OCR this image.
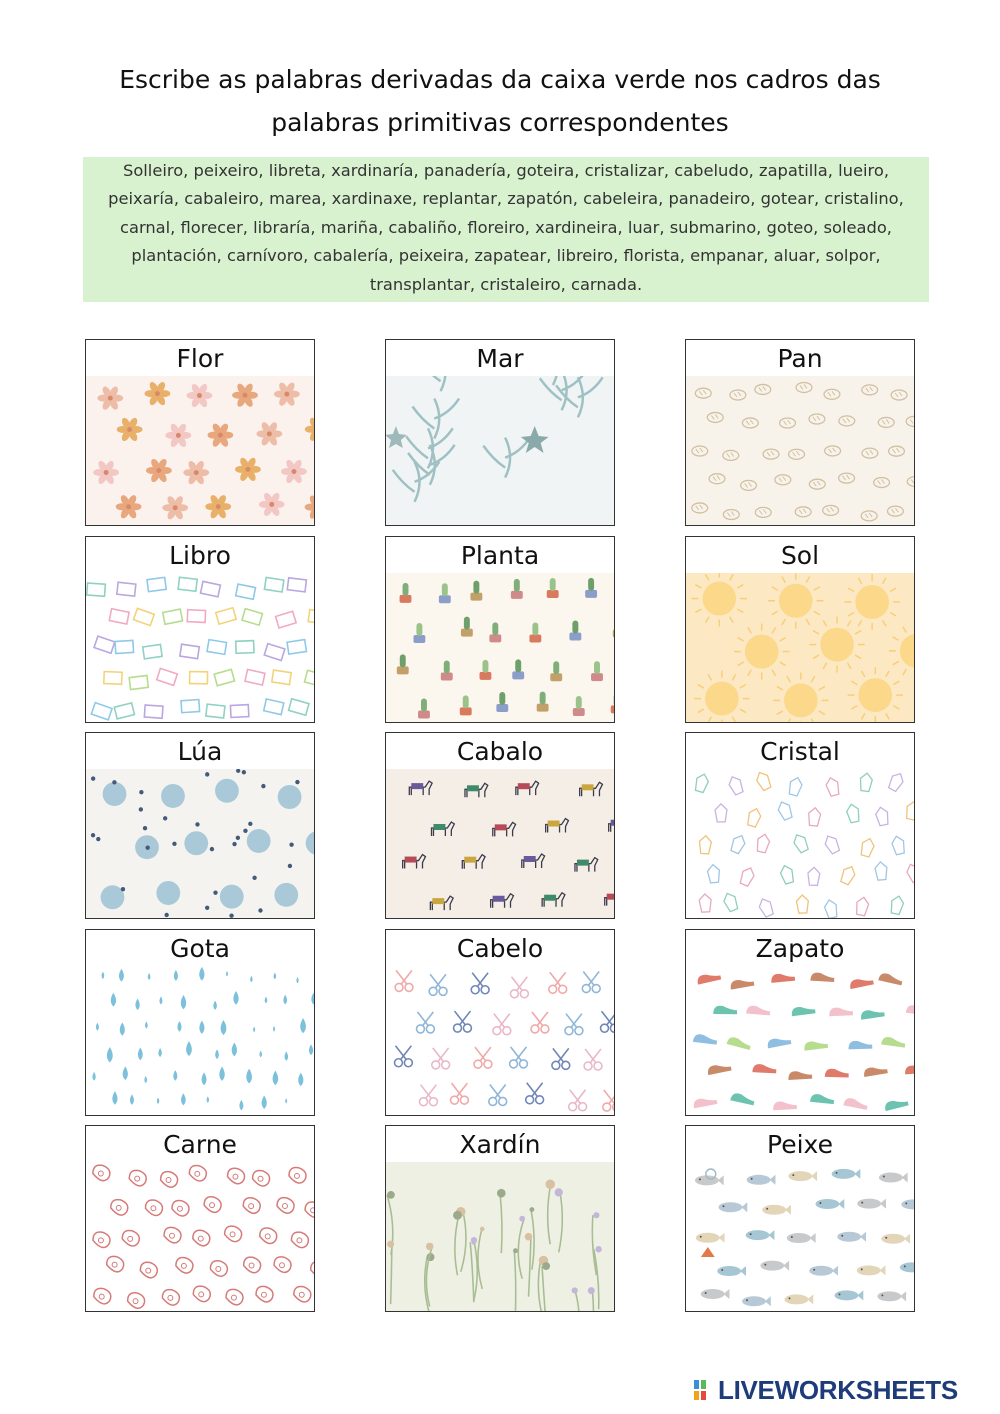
Escribe as palabras derivadas da caixa verde nos cadros das palabras primitivas correspondentes
Solleiro, peixeiro, libreta, xardinaría, panadería, goteira, cristalizar, cabeludo, zapatilla, lueiro, peixaría, cabaleiro, marea, xardinaxe, replantar, zapatón, cabeleira, panadeiro, gotear, cristalino, carnal, florecer, libraría, mariña, cabaliño, floreiro, xardineira, luar, submarino, goteo, soleado, plantación, carnívoro, cabalería, peixeira, zapatear, libreiro, florista, empanar, aluar, solpor, transplantar, cristaleiro, carnada.
Flor	Mar	Pan
Libro	Planta	Sol
Lúa	Cabalo	Cristal
Gota	Cabelo	Zapato
Carne	Xardín	Peixe
LIVEWORKSHEETS
